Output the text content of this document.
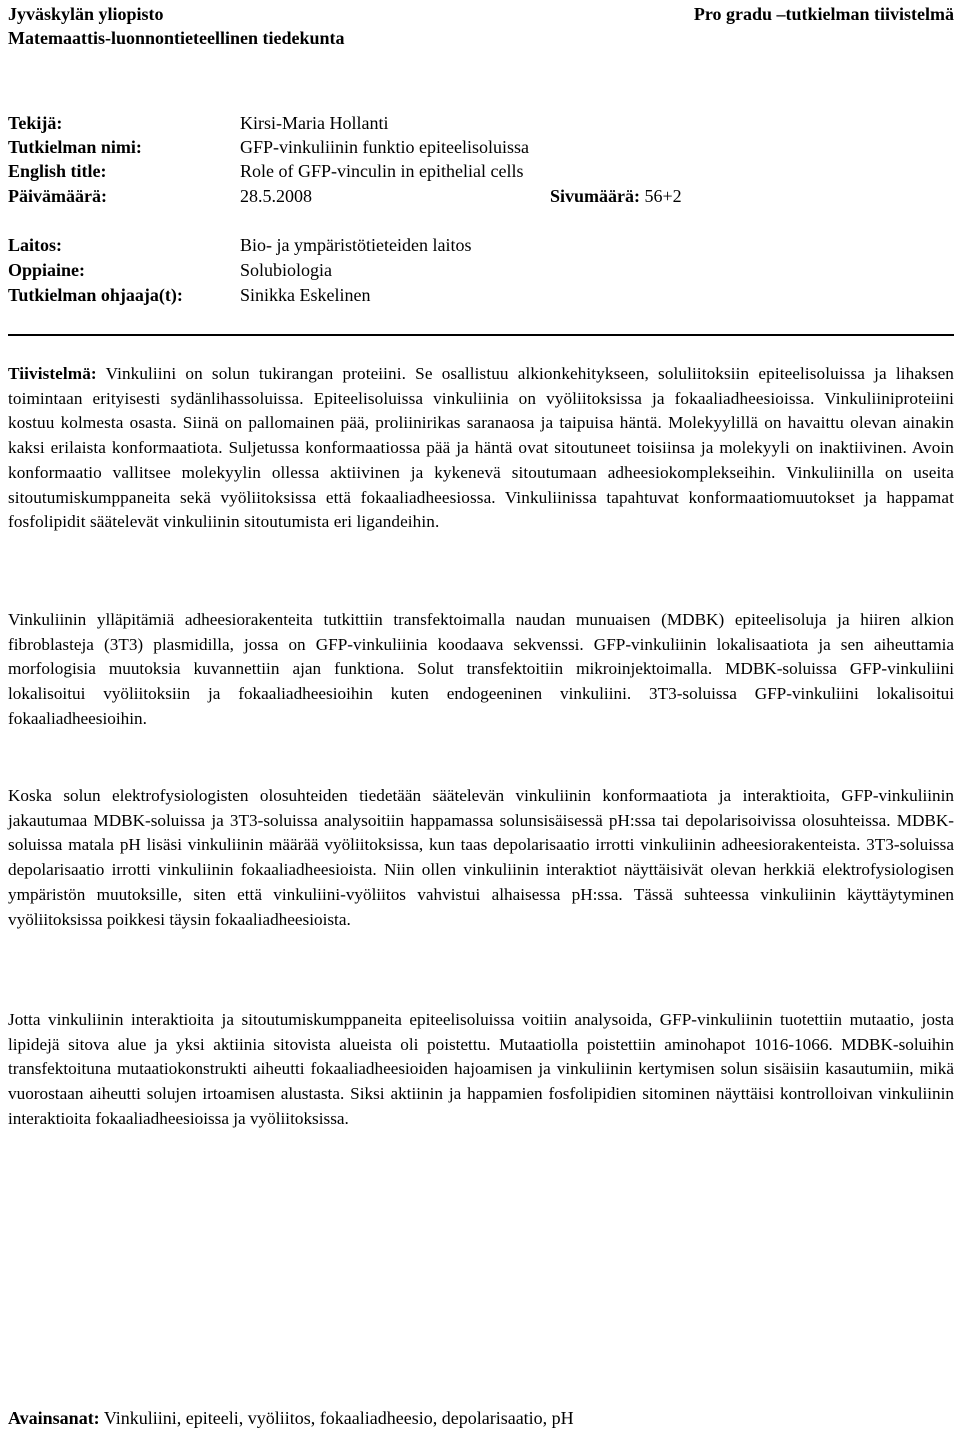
Jyväskylän yliopisto
Matemaattis-luonnontieteellinen tiedekunta
Pro gradu –tutkielman tiivistelmä
Tekijä:	Kirsi-Maria Hollanti
Tutkielman nimi:	GFP-vinkuliinin funktio epiteelisoluissa
English title:	Role of GFP-vinculin in epithelial cells
Päivämäärä:	28.5.2008	Sivumäärä: 56+2
Laitos:	Bio- ja ympäristötieteiden laitos
Oppiaine:	Solubiologia
Tutkielman ohjaaja(t):	Sinikka Eskelinen

Tiivistelmä: Vinkuliini on solun tukirangan proteiini. Se osallistuu alkionkehitykseen, soluliitoksiin epiteelisoluissa ja lihaksen toimintaan erityisesti sydänlihassoluissa. Epiteelisoluissa vinkuliinia on vyöliitoksissa ja fokaaliadheesioissa. Vinkuliiniproteiini kostuu kolmesta osasta. Siinä on pallomainen pää, proliinirikas saranaosa ja taipuisa häntä. Molekyylillä on havaittu olevan ainakin kaksi erilaista konformaatiota. Suljetussa konformaatiossa pää ja häntä ovat sitoutuneet toisiinsa ja molekyyli on inaktiivinen. Avoin konformaatio vallitsee molekyylin ollessa aktiivinen ja kykenevä sitoutumaan adheesiokomplekseihin. Vinkuliinilla on useita sitoutumiskumppaneita sekä vyöliitoksissa että fokaaliadheesiossa. Vinkuliinissa tapahtuvat konformaatiomuutokset ja happamat fosfolipidit säätelevät vinkuliinin sitoutumista eri ligandeihin.

Vinkuliinin ylläpitämiä adheesiorakenteita tutkittiin transfektoimalla naudan munuaisen (MDBK) epiteelisoluja ja hiiren alkion fibroblasteja (3T3) plasmidilla, jossa on GFP-vinkuliinia koodaava sekvenssi. GFP-vinkuliinin lokalisaatiota ja sen aiheuttamia morfologisia muutoksia kuvannettiin ajan funktiona. Solut transfektoitiin mikroinjektoimalla. MDBK-soluissa GFP-vinkuliini lokalisoitui vyöliitoksiin ja fokaaliadheesioihin kuten endogeeninen vinkuliini. 3T3-soluissa GFP-vinkuliini lokalisoitui fokaaliadheesioihin.
Koska solun elektrofysiologisten olosuhteiden tiedetään säätelevän vinkuliinin konformaatiota ja interaktioita, GFP-vinkuliinin jakautumaa MDBK-soluissa ja 3T3-soluissa analysoitiin happamassa solunsisäisessä pH:ssa tai depolarisoivissa olosuhteissa. MDBK-soluissa matala pH lisäsi vinkuliinin määrää vyöliitoksissa, kun taas depolarisaatio irrotti vinkuliinin adheesiorakenteista. 3T3-soluissa depolarisaatio irrotti vinkuliinin fokaaliadheesioista. Niin ollen vinkuliinin interaktiot näyttäisivät olevan herkkiä elektrofysiologisen ympäristön muutoksille, siten että vinkuliini-vyöliitos vahvistui alhaisessa pH:ssa. Tässä suhteessa vinkuliinin käyttäytyminen vyöliitoksissa poikkesi täysin fokaaliadheesioista.
Jotta vinkuliinin interaktioita ja sitoutumiskumppaneita epiteelisoluissa voitiin analysoida, GFP-vinkuliinin tuotettiin mutaatio, josta lipidejä sitova alue ja yksi aktiinia sitovista alueista oli poistettu. Mutaatiolla poistettiin aminohapot 1016-1066. MDBK-soluihin transfektoituna mutaatiokonstrukti aiheutti fokaaliadheesioiden hajoamisen ja vinkuliinin kertymisen solun sisäisiin kasautumiin, mikä vuorostaan aiheutti solujen irtoamisen alustasta. Siksi aktiinin ja happamien fosfolipidien sitominen näyttäisi kontrolloivan vinkuliinin interaktioita fokaaliadheesioissa ja vyöliitoksissa.
Avainsanat: Vinkuliini, epiteeli, vyöliitos, fokaaliadheesio, depolarisaatio, pH
